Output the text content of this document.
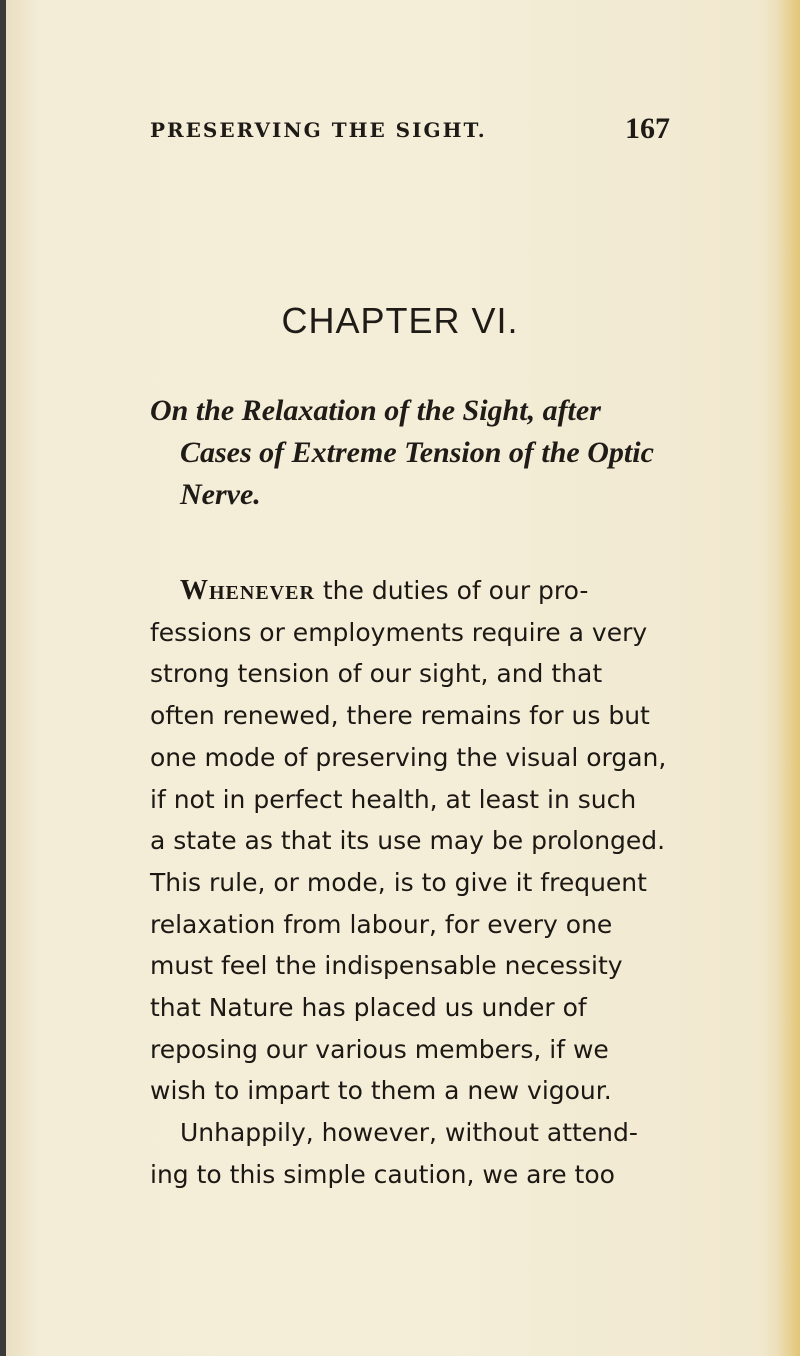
PRESERVING THE SIGHT.	167
CHAPTER VI.
On the Relaxation of the Sight, after
Cases of Extreme Tension of the Optic
Nerve.
Whenever the duties of our pro-
fessions or employments require a very
strong tension of our sight, and that
often renewed, there remains for us but
one mode of preserving the visual organ,
if not in perfect health, at least in such
a state as that its use may be prolonged.
This rule, or mode, is to give it frequent
relaxation from labour, for every one
must feel the indispensable necessity
that Nature has placed us under of
reposing our various members, if we
wish to impart to them a new vigour.
Unhappily, however, without attend-
ing to this simple caution, we are too
